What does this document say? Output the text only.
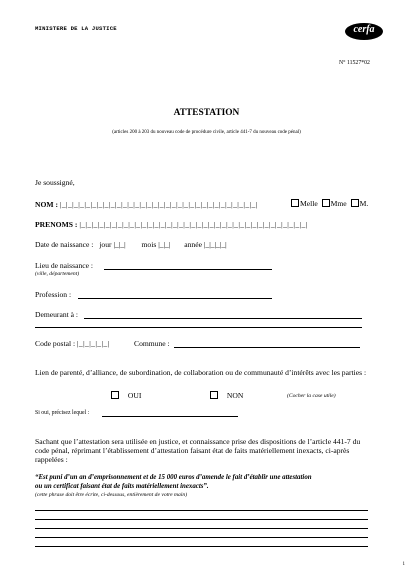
MINISTERE DE LA JUSTICE	cerfa
N° 11527*02
ATTESTATION
(articles 200 à 203 du nouveau code de procédure civile, article 441-7 du nouveau code pénal)
Je soussigné,
NOM : |_|_|_|_|_|_|_|_|_|_|_|_|_|_|_|_|_|_|_|_|_|_|_|_|_|_|_|_|_|_|_|_|	Melle Mme M.
PRENOMS : |_|_|_|_|_|_|_|_|_|_|_|_|_|_|_|_|_|_|_|_|_|_|_|_|_|_|_|_|_|_|_|_|_|_|_|_|_|
Date de naissance : jour |_|_| mois |_|_| année |_|_|_|_|
Lieu de naissance :
(ville, département)
Profession :
Demeurant à :
Code postal : |_|_|_|_|_|	Commune :
Lien de parenté, d’alliance, de subordination, de collaboration ou de communauté d’intérêts avec les parties :
OUI	NON	(Cocher la case utile)
Si oui, précisez lequel :
Sachant que l’attestation sera utilisée en justice, et connaissance prise des dispositions de l’article 441-7 du code pénal, réprimant l’établissement d’attestation faisant état de faits matériellement inexacts, ci-après rappelées :
“Est puni d’un an d’emprisonnement et de 15 000 euros d’amende le fait d’établir une attestation
ou un certificat faisant état de faits matériellement inexacts”.
(cette phrase doit être écrite, ci-dessous, entièrement de votre main)
1
